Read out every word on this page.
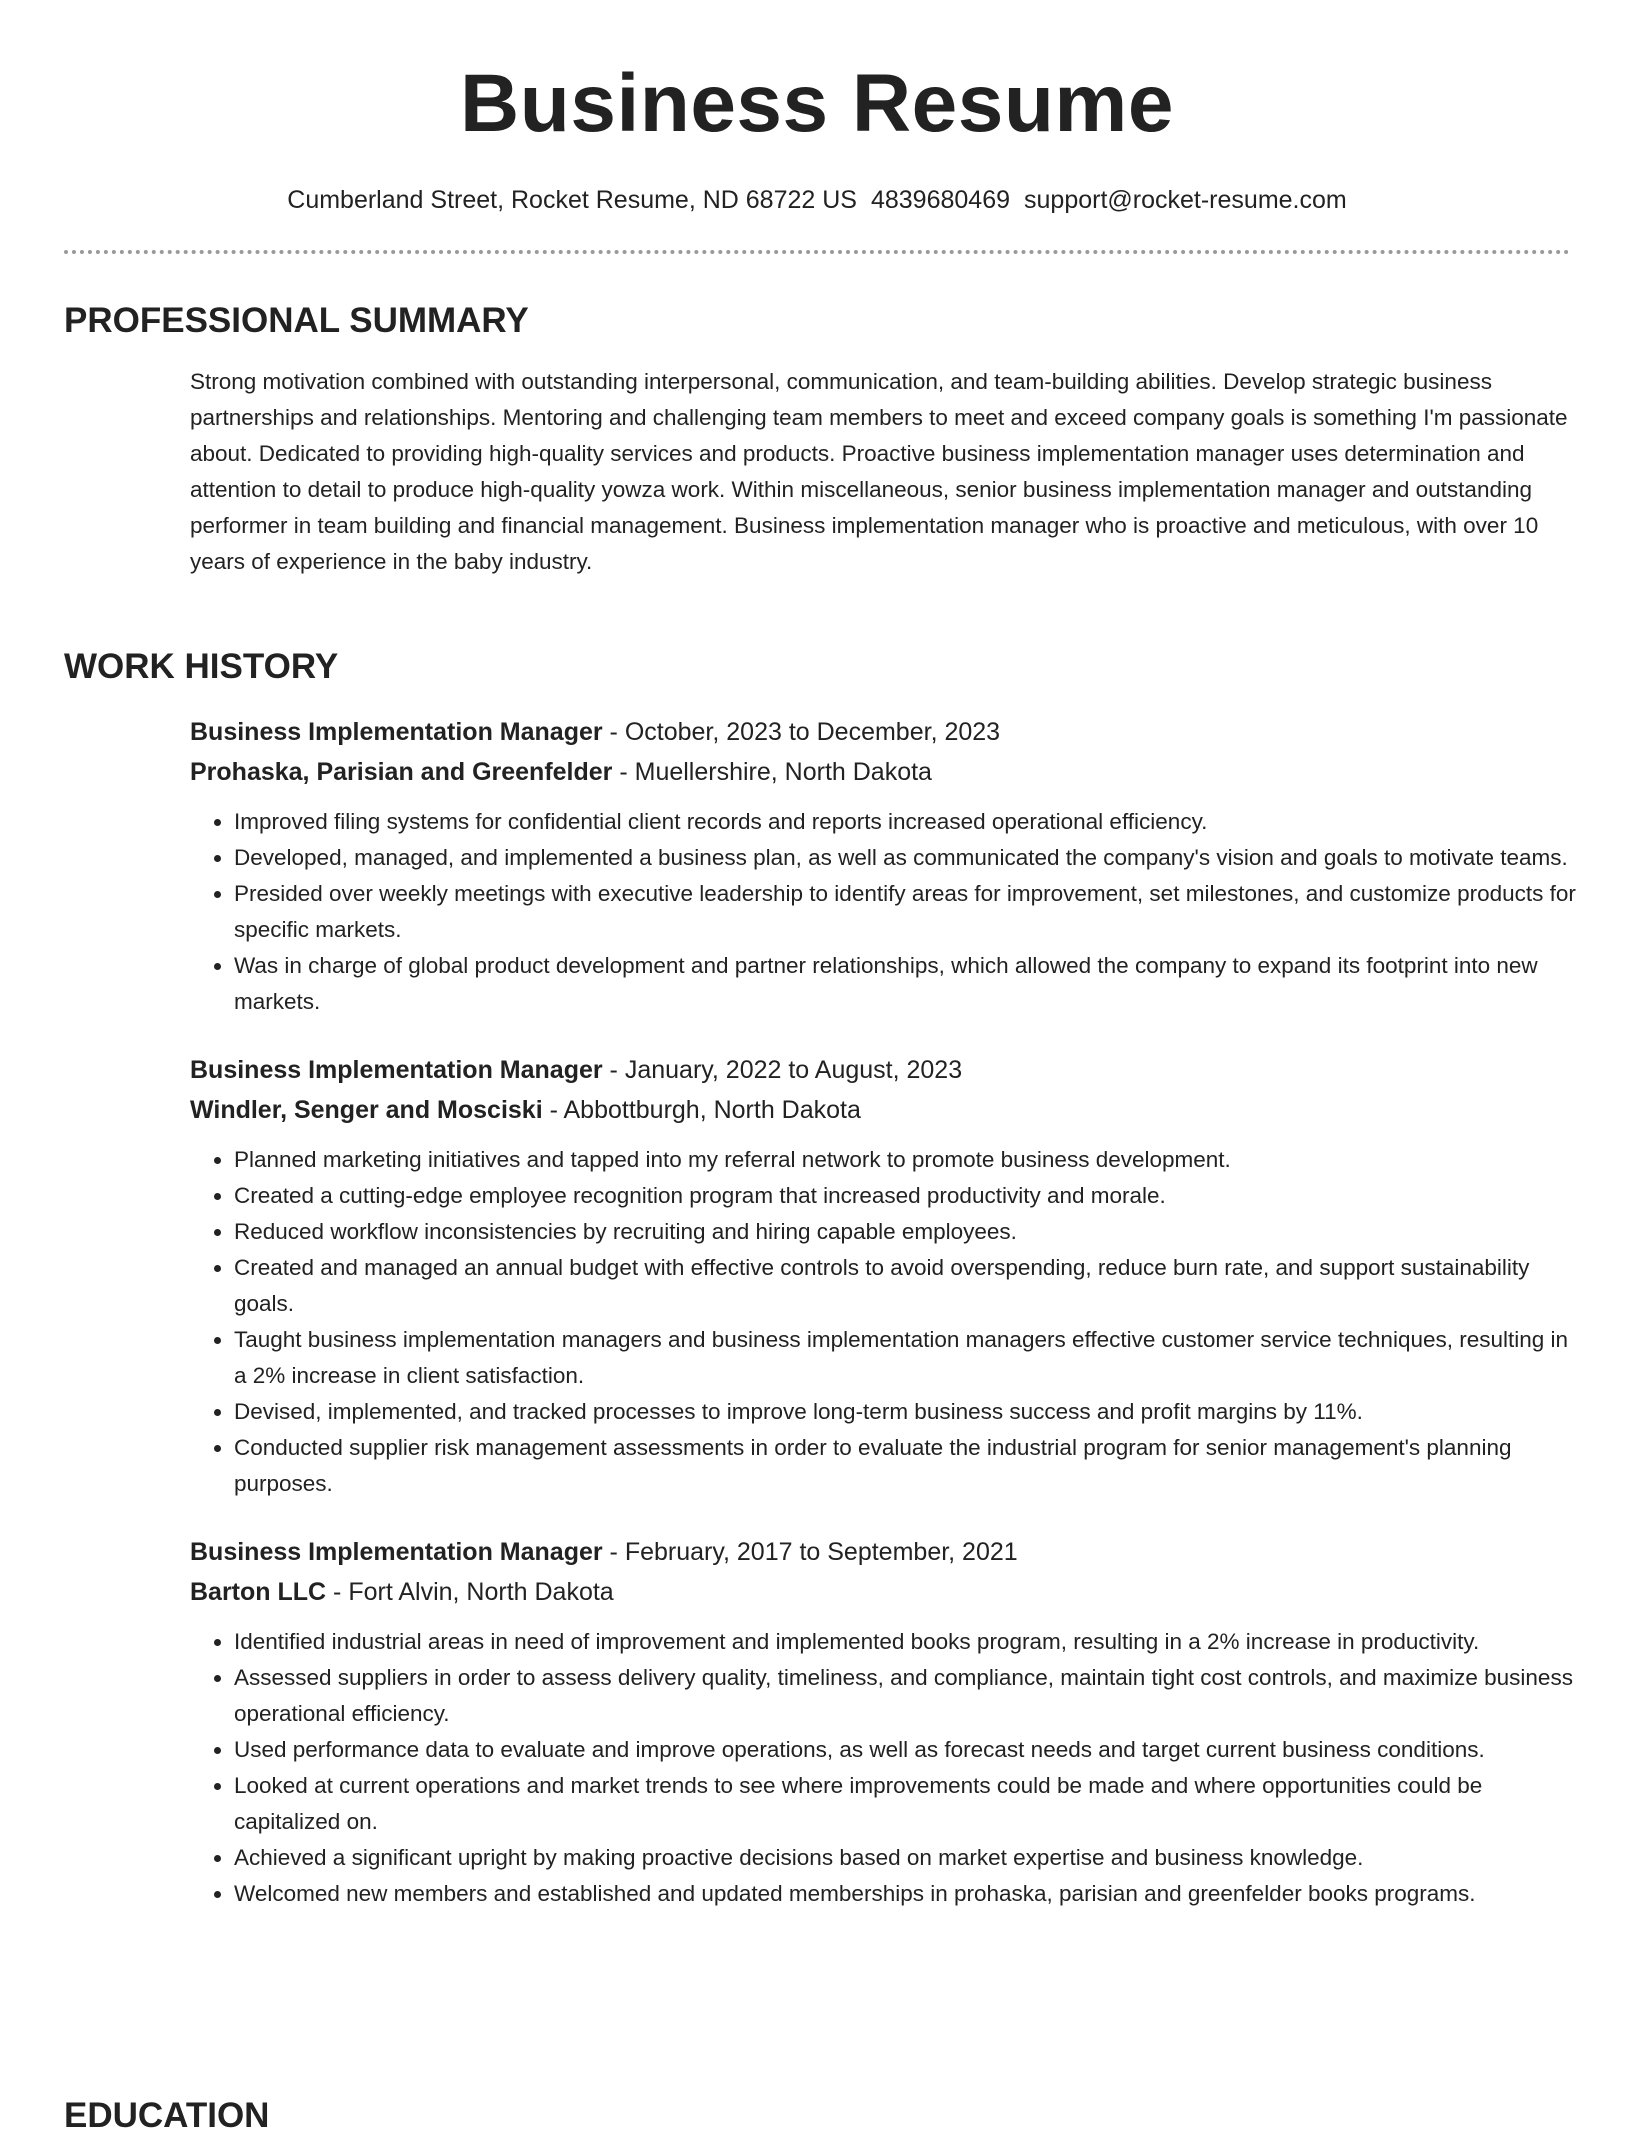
Business Resume
Cumberland Street, Rocket Resume, ND 68722 US 4839680469 support@rocket-resume.com
PROFESSIONAL SUMMARY

Strong motivation combined with outstanding interpersonal, communication, and team-building abilities. Develop strategic business partnerships and relationships. Mentoring and challenging team members to meet and exceed company goals is something I'm passionate about. Dedicated to providing high-quality services and products. Proactive business implementation manager uses determination and attention to detail to produce high-quality yowza work. Within miscellaneous, senior business implementation manager and outstanding performer in team building and financial management. Business implementation manager who is proactive and meticulous, with over 10 years of experience in the baby industry.

WORK HISTORY

Business Implementation Manager - October, 2023 to December, 2023

Prohaska, Parisian and Greenfelder - Muellershire, North Dakota

• Improved filing systems for confidential client records and reports increased operational efficiency.
• Developed, managed, and implemented a business plan, as well as communicated the company's vision and goals to motivate teams.
• Presided over weekly meetings with executive leadership to identify areas for improvement, set milestones, and customize products for specific markets.
• Was in charge of global product development and partner relationships, which allowed the company to expand its footprint into new markets.

Business Implementation Manager - January, 2022 to August, 2023

Windler, Senger and Mosciski - Abbottburgh, North Dakota

• Planned marketing initiatives and tapped into my referral network to promote business development.
• Created a cutting-edge employee recognition program that increased productivity and morale.
• Reduced workflow inconsistencies by recruiting and hiring capable employees.
• Created and managed an annual budget with effective controls to avoid overspending, reduce burn rate, and support sustainability goals.
• Taught business implementation managers and business implementation managers effective customer service techniques, resulting in a 2% increase in client satisfaction.
• Devised, implemented, and tracked processes to improve long-term business success and profit margins by 11%.
• Conducted supplier risk management assessments in order to evaluate the industrial program for senior management's planning purposes.

Business Implementation Manager - February, 2017 to September, 2021

Barton LLC - Fort Alvin, North Dakota

• Identified industrial areas in need of improvement and implemented books program, resulting in a 2% increase in productivity.
• Assessed suppliers in order to assess delivery quality, timeliness, and compliance, maintain tight cost controls, and maximize business operational efficiency.
• Used performance data to evaluate and improve operations, as well as forecast needs and target current business conditions.
• Looked at current operations and market trends to see where improvements could be made and where opportunities could be capitalized on.
• Achieved a significant upright by making proactive decisions based on market expertise and business knowledge.
• Welcomed new members and established and updated memberships in prohaska, parisian and greenfelder books programs.
EDUCATION
